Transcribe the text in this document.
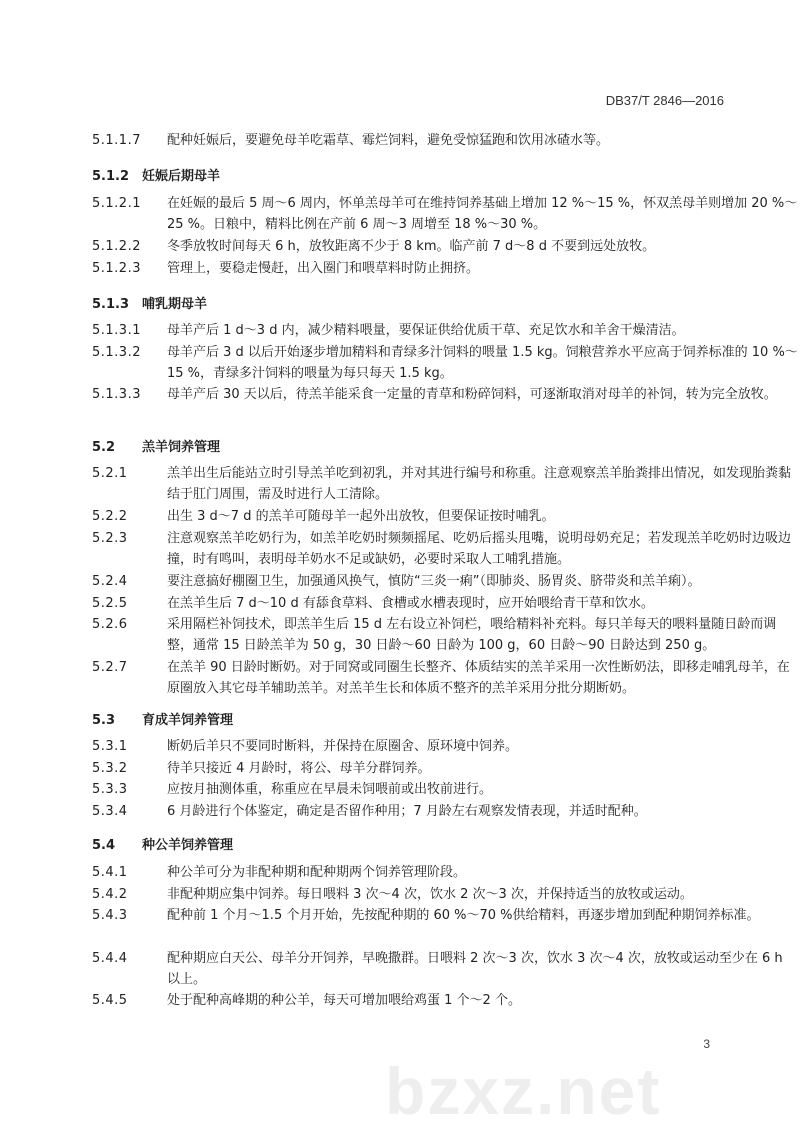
DB37/T 2846—2016
5.1.1.7 配种妊娠后，要避免母羊吃霜草、霉烂饲料，避免受惊猛跑和饮用冰碴水等。
5.1.2 妊娠后期母羊
5.1.2.1 在妊娠的最后 5 周～6 周内，怀单羔母羊可在维持饲养基础上增加 12 %～15 %，怀双羔母羊则增加 20 %～25 %。日粮中，精料比例在产前 6 周～3 周增至 18 %～30 %。
5.1.2.2 冬季放牧时间每天 6 h，放牧距离不少于 8 km。临产前 7 d～8 d 不要到远处放牧。
5.1.2.3 管理上，要稳走慢赶，出入圈门和喂草料时防止拥挤。
5.1.3 哺乳期母羊
5.1.3.1 母羊产后 1 d～3 d 内，减少精料喂量，要保证供给优质干草、充足饮水和羊舍干燥清洁。
5.1.3.2 母羊产后 3 d 以后开始逐步增加精料和青绿多汁饲料的喂量 1.5 kg。饲粮营养水平应高于饲养标准的 10 %～15 %，青绿多汁饲料的喂量为每只每天 1.5 kg。
5.1.3.3 母羊产后 30 天以后，待羔羊能采食一定量的青草和粉碎饲料，可逐渐取消对母羊的补饲，转为完全放牧。
5.2 羔羊饲养管理
5.2.1	羔羊出生后能站立时引导羔羊吃到初乳，并对其进行编号和称重。注意观察羔羊胎粪排出情况，如发现胎粪黏结于肛门周围，需及时进行人工清除。
5.2.2	出生 3 d～7 d 的羔羊可随母羊一起外出放牧，但要保证按时哺乳。
5.2.3	注意观察羔羊吃奶行为，如羔羊吃奶时频频摇尾、吃奶后摇头甩嘴，说明母奶充足；若发现羔羊吃奶时边吸边撞，时有鸣叫，表明母羊奶水不足或缺奶，必要时采取人工哺乳措施。
5.2.4	要注意搞好棚圈卫生，加强通风换气，慎防“三炎一痢”（即肺炎、肠胃炎、脐带炎和羔羊痢）。
5.2.5	在羔羊生后 7 d～10 d 有舔食草料、食槽或水槽表现时，应开始喂给青干草和饮水。
5.2.6	采用隔栏补饲技术，即羔羊生后 15 d 左右设立补饲栏，喂给精料补充料。每只羊每天的喂料量随日龄而调整，通常 15 日龄羔羊为 50 g，30 日龄～60 日龄为 100 g，60 日龄～90 日龄达到 250 g。
5.2.7	在羔羊 90 日龄时断奶。对于同窝或同圈生长整齐、体质结实的羔羊采用一次性断奶法，即移走哺乳母羊，在原圈放入其它母羊辅助羔羊。对羔羊生长和体质不整齐的羔羊采用分批分期断奶。
5.3 育成羊饲养管理
5.3.1	断奶后羊只不要同时断料，并保持在原圈舍、原环境中饲养。
5.3.2	待羊只接近 4 月龄时，将公、母羊分群饲养。
5.3.3	应按月抽测体重，称重应在早晨未饲喂前或出牧前进行。
5.3.4	6 月龄进行个体鉴定，确定是否留作种用；7 月龄左右观察发情表现，并适时配种。
5.4 种公羊饲养管理
5.4.1	种公羊可分为非配种期和配种期两个饲养管理阶段。
5.4.2	非配种期应集中饲养。每日喂料 3 次～4 次，饮水 2 次～3 次，并保持适当的放牧或运动。
5.4.3	配种前 1 个月～1.5 个月开始，先按配种期的 60 %～70 %供给精料，再逐步增加到配种期饲养标准。
5.4.4	配种期应白天公、母羊分开饲养，早晚撒群。日喂料 2 次～3 次，饮水 3 次～4 次，放牧或运动至少在 6 h 以上。
5.4.5	处于配种高峰期的种公羊，每天可增加喂给鸡蛋 1 个～2 个。
bzxz.net
3
